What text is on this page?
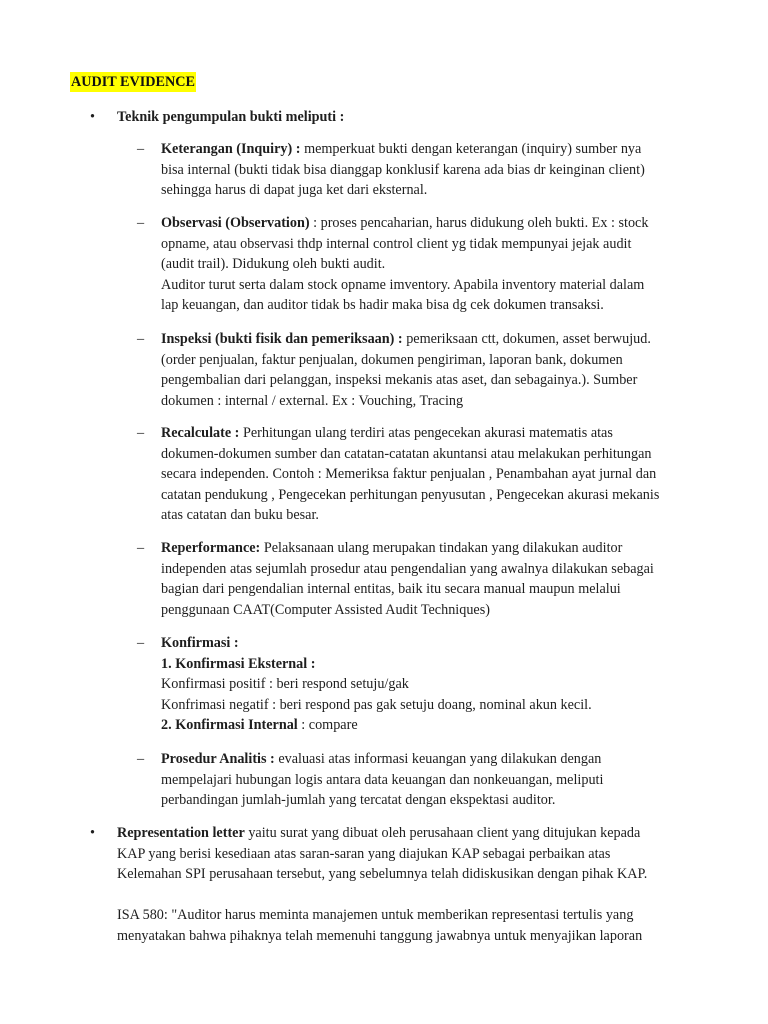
AUDIT EVIDENCE
•	Teknik pengumpulan bukti meliputi :
–	Keterangan (Inquiry) : memperkuat bukti dengan keterangan (inquiry) sumber nya
bisa internal (bukti tidak bisa dianggap konklusif karena ada bias dr keinginan client)
sehingga harus di dapat juga ket dari eksternal.
–	Observasi (Observation) : proses pencaharian, harus didukung oleh bukti. Ex : stock
opname, atau observasi thdp internal control client yg tidak mempunyai jejak audit
(audit trail). Didukung oleh bukti audit.
Auditor turut serta dalam stock opname imventory. Apabila inventory material dalam
lap keuangan, dan auditor tidak bs hadir maka bisa dg cek dokumen transaksi.
–	Inspeksi (bukti fisik dan pemeriksaan) : pemeriksaan ctt, dokumen, asset berwujud.
(order penjualan, faktur penjualan, dokumen pengiriman, laporan bank, dokumen
pengembalian dari pelanggan, inspeksi mekanis atas aset, dan sebagainya.). Sumber
dokumen : internal / external. Ex : Vouching, Tracing
–	Recalculate : Perhitungan ulang terdiri atas pengecekan akurasi matematis atas
dokumen-dokumen sumber dan catatan-catatan akuntansi atau melakukan perhitungan
secara independen. Contoh : Memeriksa faktur penjualan , Penambahan ayat jurnal dan
catatan pendukung , Pengecekan perhitungan penyusutan , Pengecekan akurasi mekanis
atas catatan dan buku besar.
–	Reperformance: Pelaksanaan ulang merupakan tindakan yang dilakukan auditor
independen atas sejumlah prosedur atau pengendalian yang awalnya dilakukan sebagai
bagian dari pengendalian internal entitas, baik itu secara manual maupun melalui
penggunaan CAAT(Computer Assisted Audit Techniques)
–	Konfirmasi :
1. Konfirmasi Eksternal :
Konfirmasi positif : beri respond setuju/gak
Konfrimasi negatif : beri respond pas gak setuju doang, nominal akun kecil.
2. Konfirmasi Internal : compare
–	Prosedur Analitis : evaluasi atas informasi keuangan yang dilakukan dengan
mempelajari hubungan logis antara data keuangan dan nonkeuangan, meliputi
perbandingan jumlah-jumlah yang tercatat dengan ekspektasi auditor.
•	Representation letter yaitu surat yang dibuat oleh perusahaan client yang ditujukan kepada
KAP yang berisi kesediaan atas saran-saran yang diajukan KAP sebagai perbaikan atas
Kelemahan SPI perusahaan tersebut, yang sebelumnya telah didiskusikan dengan pihak KAP.
ISA 580: "Auditor harus meminta manajemen untuk memberikan representasi tertulis yang
menyatakan bahwa pihaknya telah memenuhi tanggung jawabnya untuk menyajikan laporan
